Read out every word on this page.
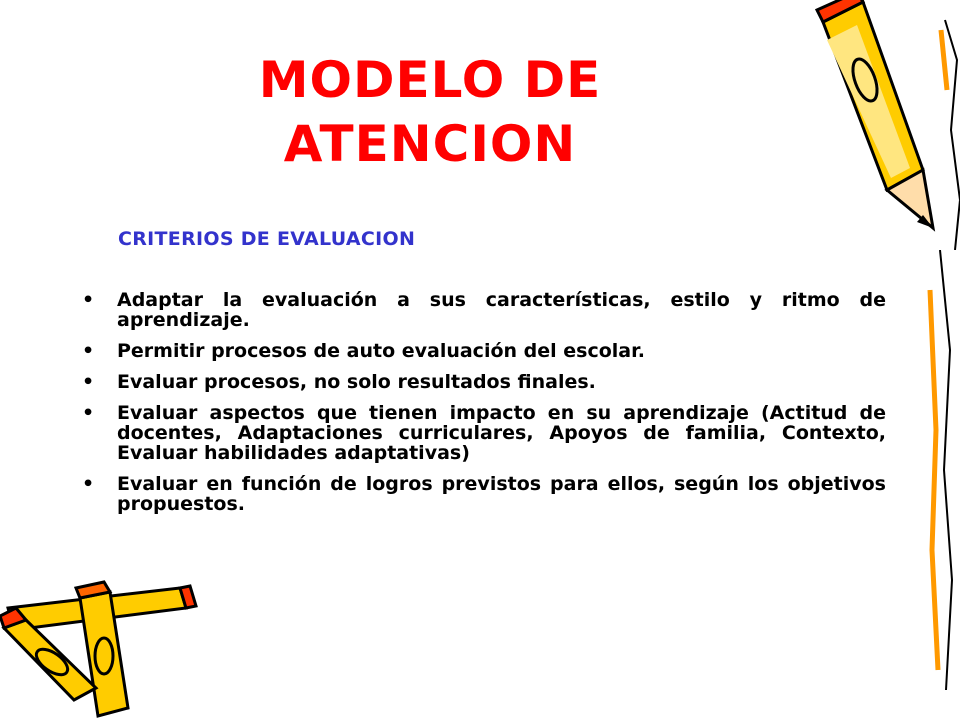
MODELO DE
ATENCION
CRITERIOS DE EVALUACION
• Adaptar la evaluación a sus características, estilo y ritmo de aprendizaje.
• Permitir procesos de auto evaluación del escolar.
• Evaluar procesos, no solo resultados finales.
• Evaluar aspectos que tienen impacto en su aprendizaje (Actitud de docentes, Adaptaciones curriculares, Apoyos de familia, Contexto, Evaluar habilidades adaptativas)
• Evaluar en función de logros previstos para ellos, según los objetivos propuestos.
